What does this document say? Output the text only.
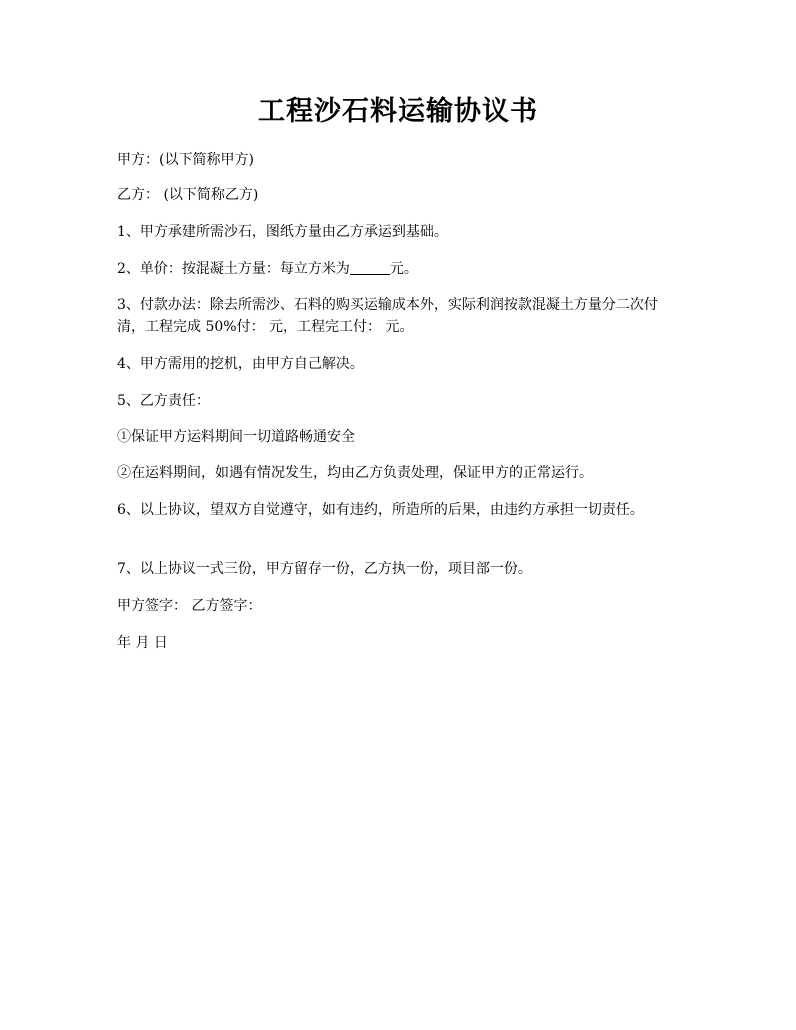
工程沙石料运输协议书
甲方：(以下简称甲方)
乙方： (以下简称乙方)
1、甲方承建所需沙石，图纸方量由乙方承运到基础。
2、单价：按混凝土方量：每立方米为	元。
3、付款办法：除去所需沙、石料的购买运输成本外，实际利润按款混凝土方量分二次付清，工程完成 50%付： 元，工程完工付： 元。
4、甲方需用的挖机，由甲方自己解决。
5、乙方责任：
①保证甲方运料期间一切道路畅通安全
②在运料期间，如遇有情况发生，均由乙方负责处理，保证甲方的正常运行。
6、以上协议，望双方自觉遵守，如有违约，所造所的后果，由违约方承担一切责任。
7、以上协议一式三份，甲方留存一份，乙方执一份，项目部一份。
甲方签字： 乙方签字：
年 月 日
